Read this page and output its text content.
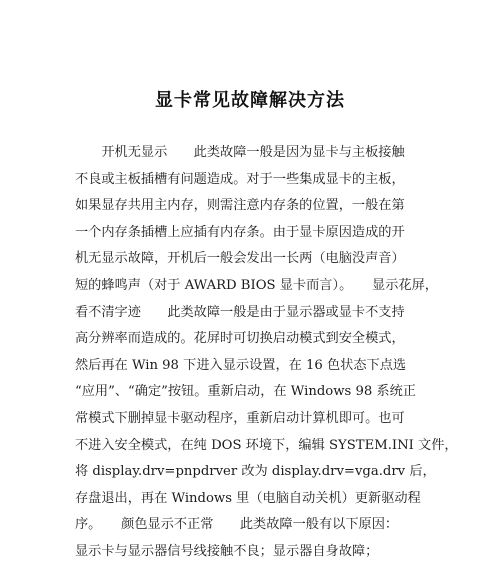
显卡常见故障解决方法
　　开机无显示　　此类故障一般是因为显卡与主板接触
不良或主板插槽有问题造成。对于一些集成显卡的主板，
如果显存共用主内存，则需注意内存条的位置，一般在第
一个内存条插槽上应插有内存条。由于显卡原因造成的开
机无显示故障，开机后一般会发出一长两（电脑没声音）
短的蜂鸣声（对于 AWARD BIOS 显卡而言）。　　显示花屏，
看不清字迹　　此类故障一般是由于显示器或显卡不支持
高分辨率而造成的。花屏时可切换启动模式到安全模式，
然后再在 Win 98 下进入显示设置，在 16 色状态下点选
“应用”、“确定”按钮。重新启动，在 Windows 98 系统正
常模式下删掉显卡驱动程序，重新启动计算机即可。也可
不进入安全模式，在纯 DOS 环境下，编辑 SYSTEM.INI 文件，
将 display.drv=pnpdrver 改为 display.drv=vga.drv 后，
存盘退出，再在 Windows 里（电脑自动关机）更新驱动程
序。　　颜色显示不正常　　此类故障一般有以下原因：
显示卡与显示器信号线接触不良；显示器自身故障；
